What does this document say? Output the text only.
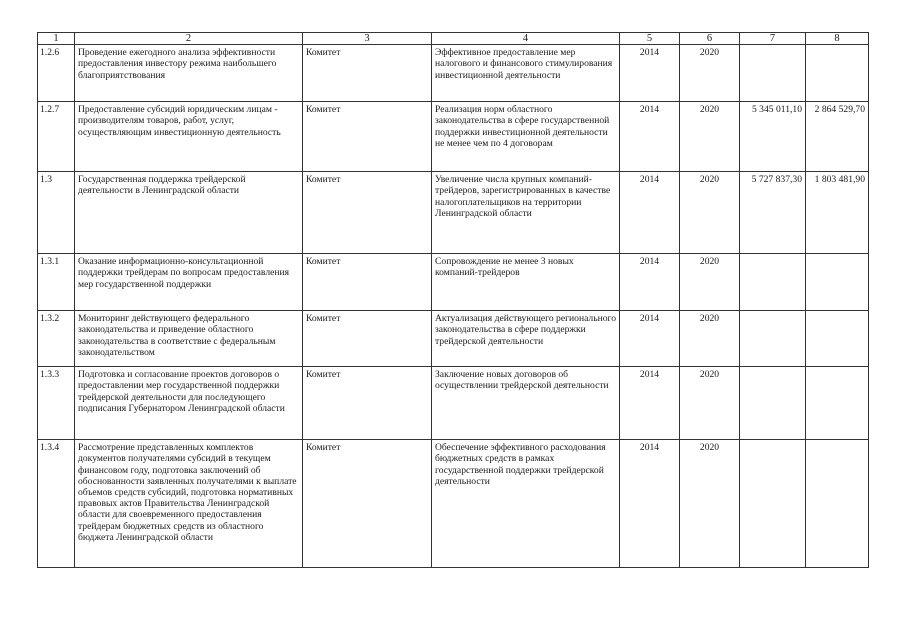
1	2	3	4	5	6	7	8
1.2.6	Проведение ежегодного анализа эффективности предоставления инвестору режима наибольшего благоприятствования	Комитет	Эффективное предоставление мер налогового и финансового стимулирования инвестиционной деятельности	2014	2020		
1.2.7	Предоставление субсидий юридическим лицам - производителям товаров, работ, услуг, осуществляющим инвестиционную деятельность	Комитет	Реализация норм областного законодательства в сфере государственной поддержки инвестиционной деятельности не менее чем по 4 договорам	2014	2020	5 345 011,10	2 864 529,70
1.3	Государственная поддержка трейдерской деятельности в Ленинградской области	Комитет	Увеличение числа крупных компаний-трейдеров, зарегистрированных в качестве налогоплательщиков на территории Ленинградской области	2014	2020	5 727 837,30	1 803 481,90
1.3.1	Оказание информационно-консультационной поддержки трейдерам по вопросам предоставления мер государственной поддержки	Комитет	Сопровождение не менее 3 новых компаний-трейдеров	2014	2020		
1.3.2	Мониторинг действующего федерального законодательства и приведение областного законодательства в соответствие с федеральным законодательством	Комитет	Актуализация действующего регионального законодательства в сфере поддержки трейдерской деятельности	2014	2020		
1.3.3	Подготовка и согласование проектов договоров о предоставлении мер государственной поддержки трейдерской деятельности для последующего подписания Губернатором Ленинградской области	Комитет	Заключение новых договоров об осуществлении трейдерской деятельности	2014	2020		
1.3.4	Рассмотрение представленных комплектов документов получателями субсидий в текущем финансовом году, подготовка заключений об обоснованности заявленных получателями к выплате объемов средств субсидий, подготовка нормативных правовых актов Правительства Ленинградской области для своевременного предоставления трейдерам бюджетных средств из областного бюджета Ленинградской области	Комитет	Обеспечение эффективного расходования бюджетных средств в рамках государственной поддержки трейдерской деятельности	2014	2020		
